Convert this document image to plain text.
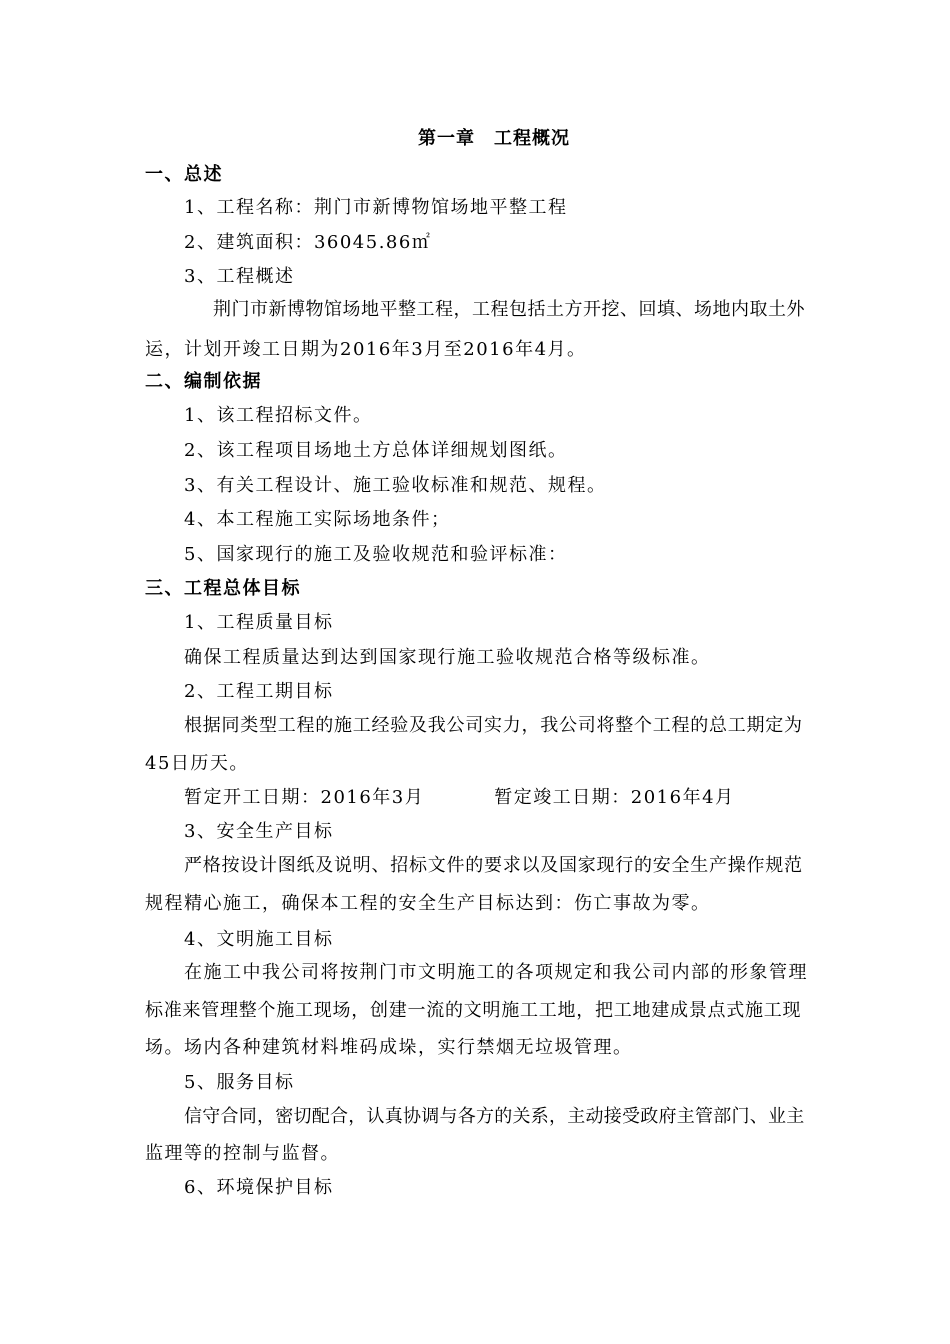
第一章　工程概况
一、总述
1、工程名称：荆门市新博物馆场地平整工程
2、建筑面积：36045.86㎡
3、工程概述
荆门市新博物馆场地平整工程，工程包括土方开挖、回填、场地内取土外
运，计划开竣工日期为2016年3月至2016年4月。
二、编制依据
1、该工程招标文件。
2、该工程项目场地土方总体详细规划图纸。
3、有关工程设计、施工验收标准和规范、规程。
4、本工程施工实际场地条件；
5、国家现行的施工及验收规范和验评标准：
三、工程总体目标
1、工程质量目标
确保工程质量达到达到国家现行施工验收规范合格等级标准。
2、工程工期目标
根据同类型工程的施工经验及我公司实力，我公司将整个工程的总工期定为
45日历天。
暂定开工日期：2016年3月	暂定竣工日期：2016年4月
3、安全生产目标
严格按设计图纸及说明、招标文件的要求以及国家现行的安全生产操作规范
规程精心施工，确保本工程的安全生产目标达到：伤亡事故为零。
4、文明施工目标
在施工中我公司将按荆门市文明施工的各项规定和我公司内部的形象管理
标准来管理整个施工现场，创建一流的文明施工工地，把工地建成景点式施工现
场。场内各种建筑材料堆码成垛，实行禁烟无垃圾管理。
5、服务目标
信守合同，密切配合，认真协调与各方的关系，主动接受政府主管部门、业主
监理等的控制与监督。
6、环境保护目标
